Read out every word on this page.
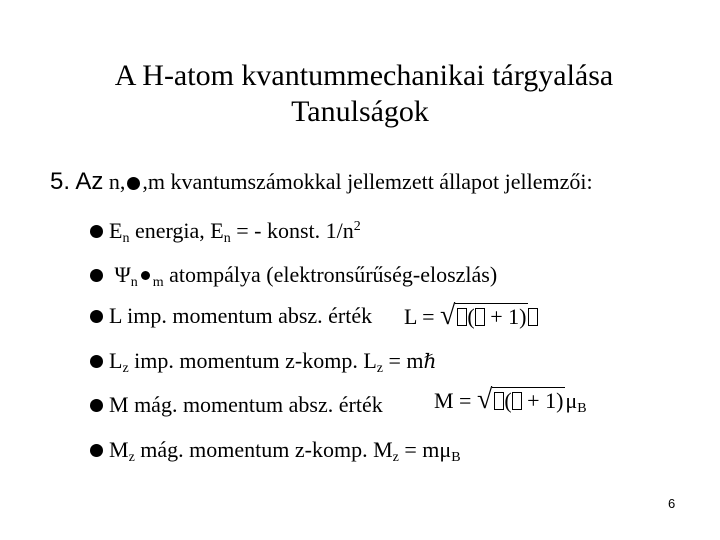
A H-atom kvantummechanikai tárgyalása
Tanulságok
5. Az n, ,m kvantumszámokkal jellemzett állapot jellemzői:
$E_n$ energia, $E_n$ = - konst. $1/n^2$
$\Psi_n$ $_m$ atompálya (elektronsűrűség-eloszlás)
L imp. momentum absz. érték L = √ ( + 1)
$L_z$ imp. momentum z-komp. $L_z$ = mℏ
M mág. momentum absz. érték M = √ ( + $1)\mu_B$
$M_z$ mág. momentum z-komp. $M_z = m\mu_B$
6
